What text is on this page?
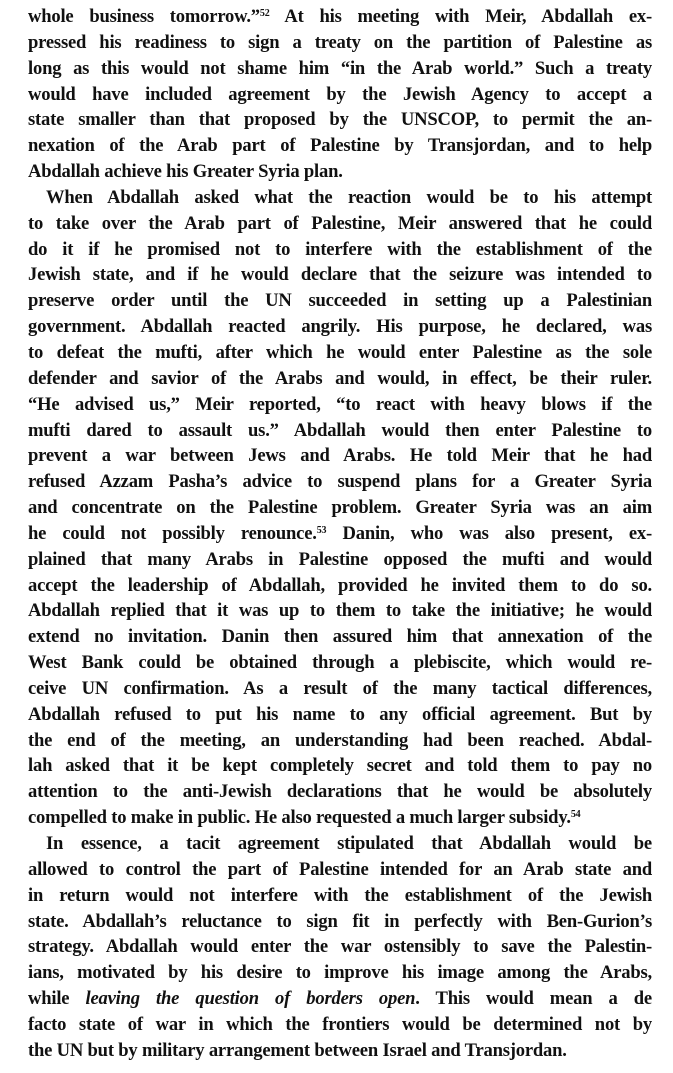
whole business tomorrow.”$^{52}$ At his meeting with Meir, Abdallah ex-
pressed his readiness to sign a treaty on the partition of Palestine as
long as this would not shame him “in the Arab world.” Such a treaty
would have included agreement by the Jewish Agency to accept a
state smaller than that proposed by the UNSCOP, to permit the an-
nexation of the Arab part of Palestine by Transjordan, and to help
Abdallah achieve his Greater Syria plan.
When Abdallah asked what the reaction would be to his attempt
to take over the Arab part of Palestine, Meir answered that he could
do it if he promised not to interfere with the establishment of the
Jewish state, and if he would declare that the seizure was intended to
preserve order until the UN succeeded in setting up a Palestinian
government. Abdallah reacted angrily. His purpose, he declared, was
to defeat the mufti, after which he would enter Palestine as the sole
defender and savior of the Arabs and would, in effect, be their ruler.
“He advised us,” Meir reported, “to react with heavy blows if the
mufti dared to assault us.” Abdallah would then enter Palestine to
prevent a war between Jews and Arabs. He told Meir that he had
refused Azzam Pasha’s advice to suspend plans for a Greater Syria
and concentrate on the Palestine problem. Greater Syria was an aim
he could not possibly renounce.$^{53}$ Danin, who was also present, ex-
plained that many Arabs in Palestine opposed the mufti and would
accept the leadership of Abdallah, provided he invited them to do so.
Abdallah replied that it was up to them to take the initiative; he would
extend no invitation. Danin then assured him that annexation of the
West Bank could be obtained through a plebiscite, which would re-
ceive UN confirmation. As a result of the many tactical differences,
Abdallah refused to put his name to any official agreement. But by
the end of the meeting, an understanding had been reached. Abdal-
lah asked that it be kept completely secret and told them to pay no
attention to the anti-Jewish declarations that he would be absolutely
compelled to make in public. He also requested a much larger subsidy.$^{54}$
In essence, a tacit agreement stipulated that Abdallah would be
allowed to control the part of Palestine intended for an Arab state and
in return would not interfere with the establishment of the Jewish
state. Abdallah’s reluctance to sign fit in perfectly with Ben-Gurion’s
strategy. Abdallah would enter the war ostensibly to save the Palestin-
ians, motivated by his desire to improve his image among the Arabs,
while leaving the question of borders open. This would mean a de
facto state of war in which the frontiers would be determined not by
the UN but by military arrangement between Israel and Transjordan.
